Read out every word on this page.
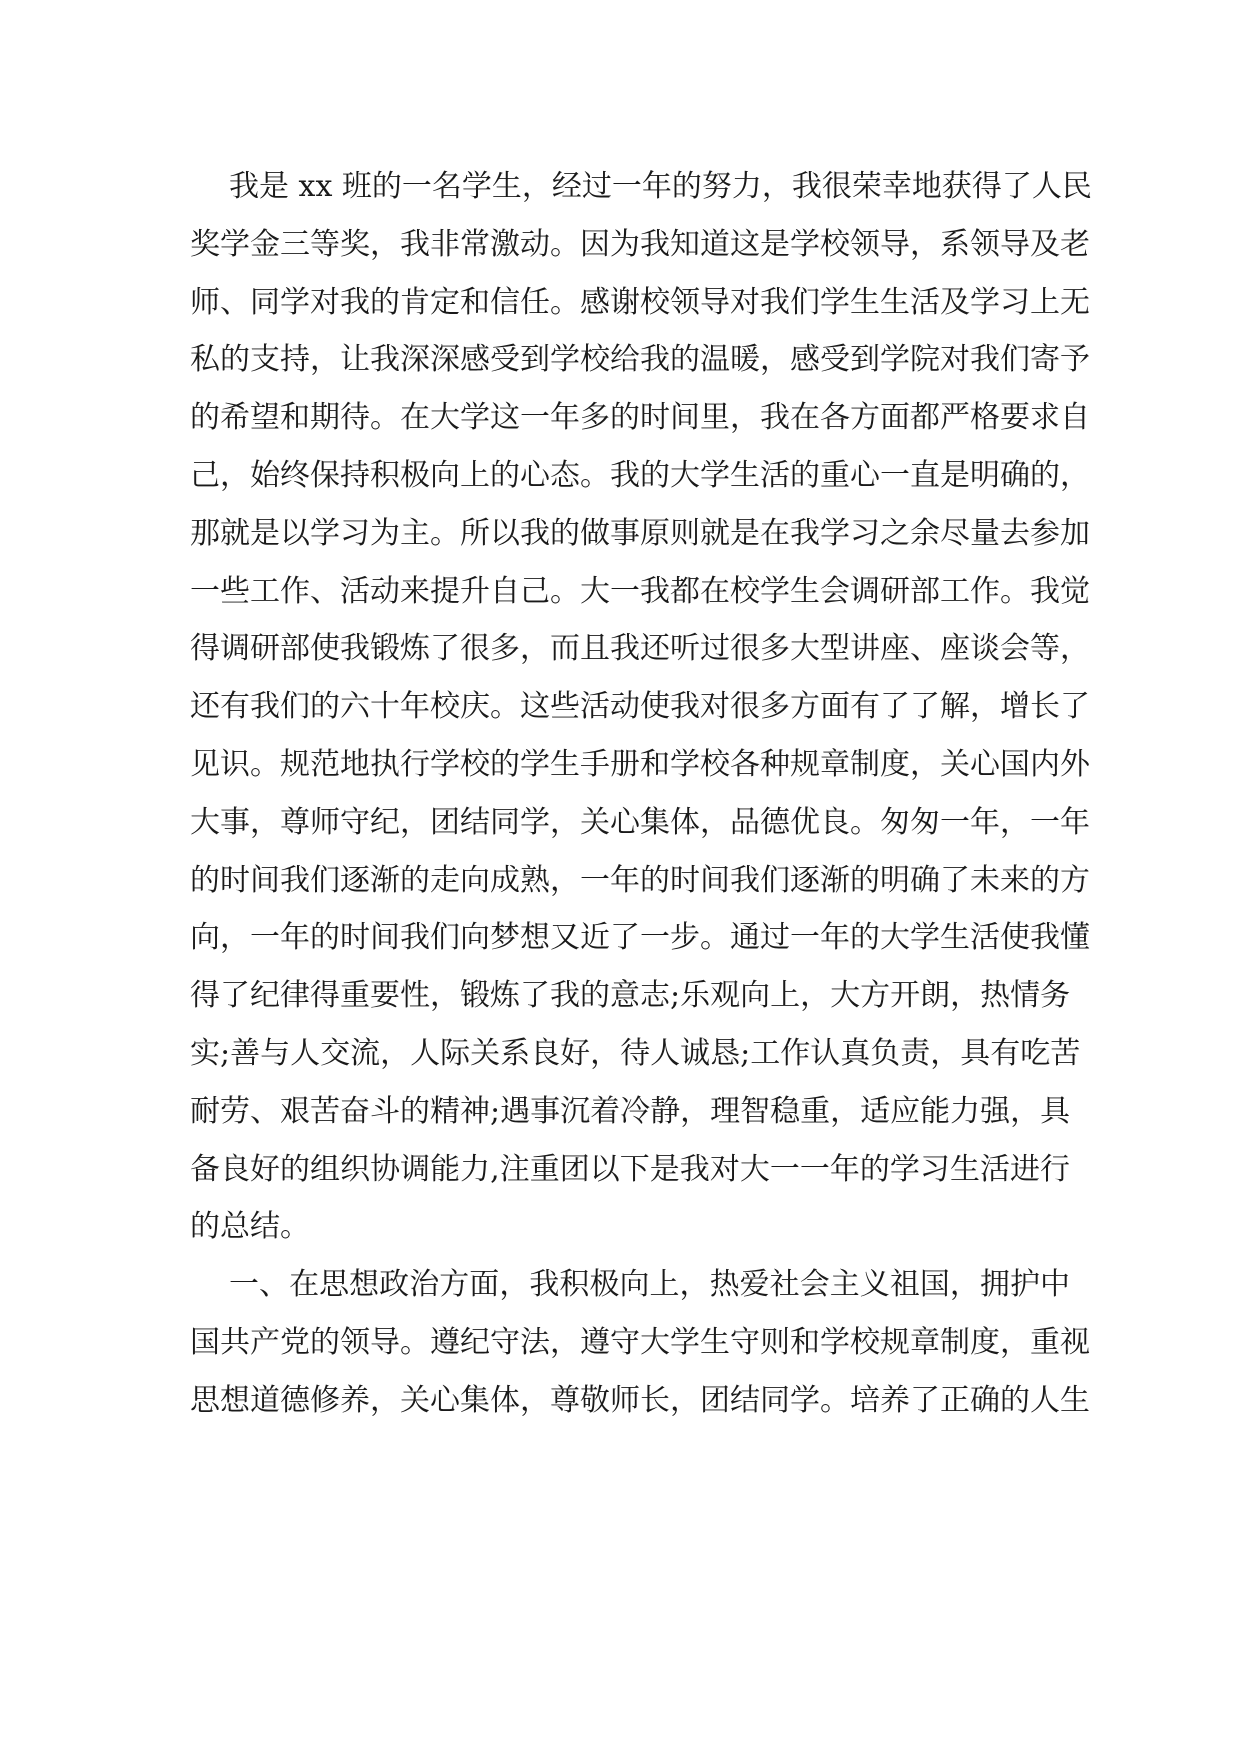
我是 xx 班的一名学生，经过一年的努力，我很荣幸地获得了人民
奖学金三等奖，我非常激动。因为我知道这是学校领导，系领导及老
师、同学对我的肯定和信任。感谢校领导对我们学生生活及学习上无
私的支持，让我深深感受到学校给我的温暖，感受到学院对我们寄予
的希望和期待。在大学这一年多的时间里，我在各方面都严格要求自
己，始终保持积极向上的心态。我的大学生活的重心一直是明确的，
那就是以学习为主。所以我的做事原则就是在我学习之余尽量去参加
一些工作、活动来提升自己。大一我都在校学生会调研部工作。我觉
得调研部使我锻炼了很多，而且我还听过很多大型讲座、座谈会等，
还有我们的六十年校庆。这些活动使我对很多方面有了了解，增长了
见识。规范地执行学校的学生手册和学校各种规章制度，关心国内外
大事，尊师守纪，团结同学，关心集体，品德优良。匆匆一年，一年
的时间我们逐渐的走向成熟，一年的时间我们逐渐的明确了未来的方
向，一年的时间我们向梦想又近了一步。通过一年的大学生活使我懂
得了纪律得重要性，锻炼了我的意志;乐观向上，大方开朗，热情务
实;善与人交流，人际关系良好，待人诚恳;工作认真负责，具有吃苦
耐劳、艰苦奋斗的精神;遇事沉着冷静，理智稳重，适应能力强，具
备良好的组织协调能力,注重团以下是我对大一一年的学习生活进行
的总结。
一、在思想政治方面，我积极向上，热爱社会主义祖国，拥护中
国共产党的领导。遵纪守法，遵守大学生守则和学校规章制度，重视
思想道德修养，关心集体，尊敬师长，团结同学。培养了正确的人生
